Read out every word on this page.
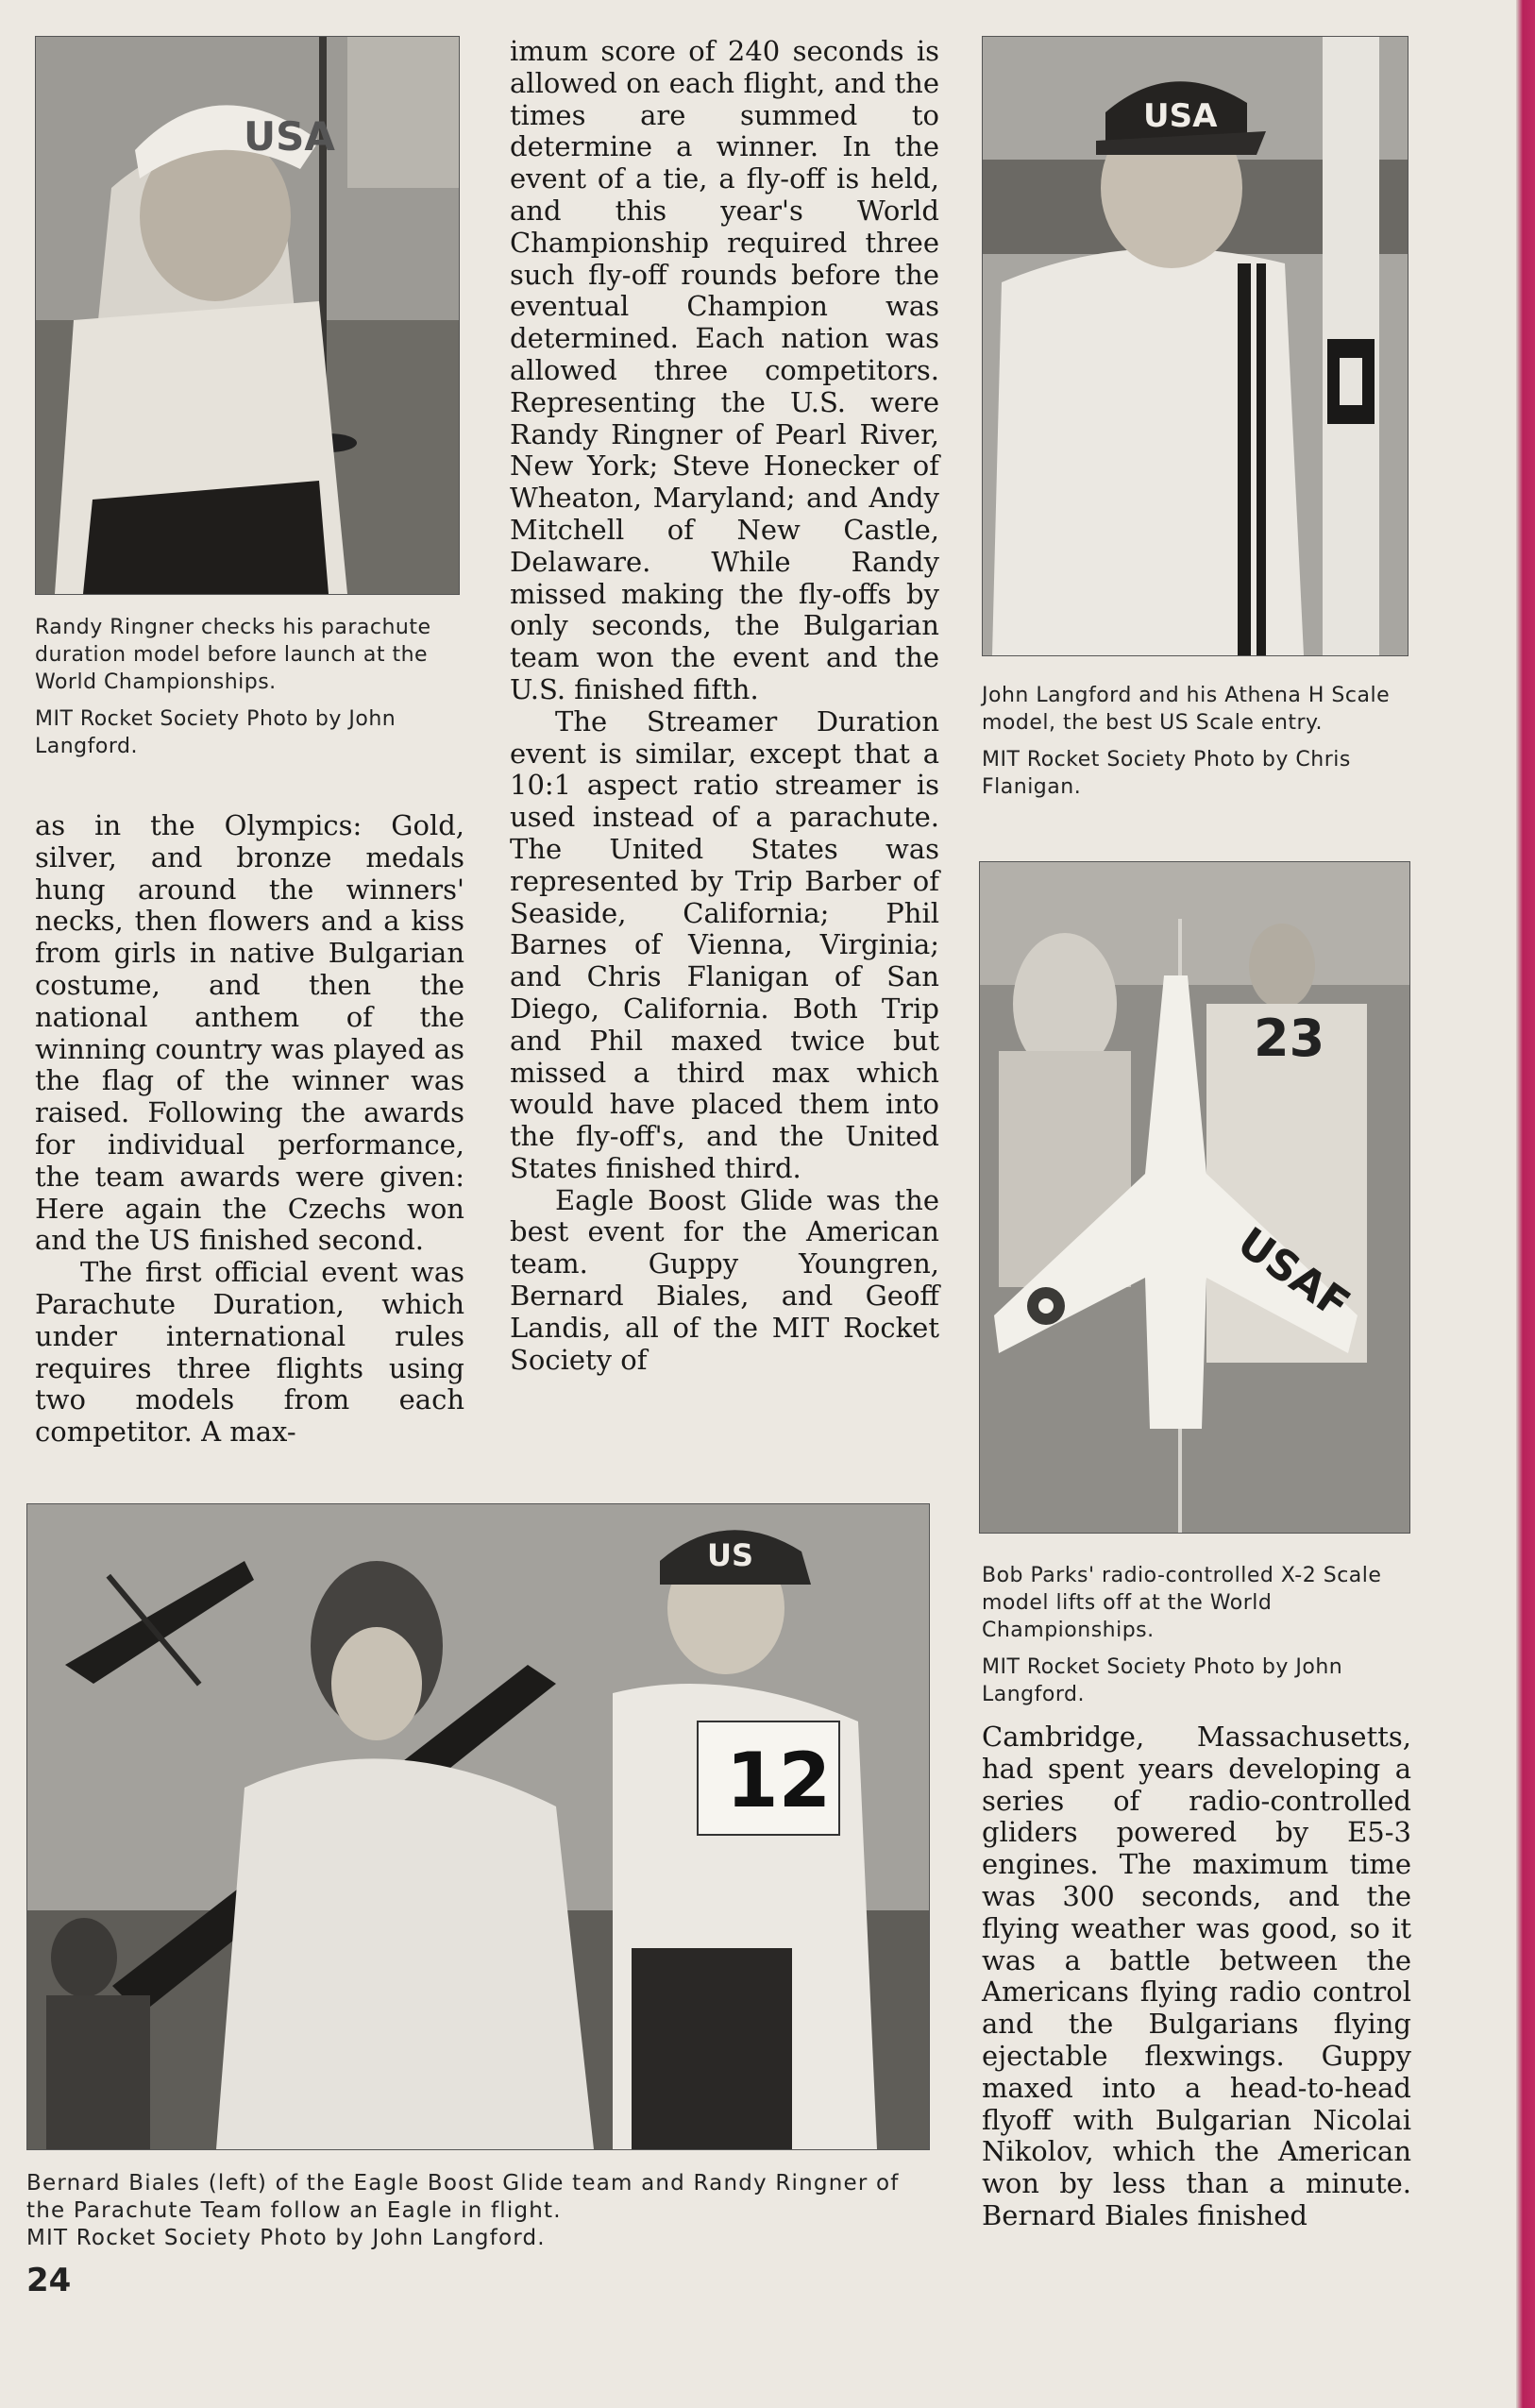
USA

Randy Ringner checks his parachute duration model before launch at the World Championships.

MIT Rocket Society Photo by John Langford.

as in the Olympics: Gold, silver, and bronze medals hung around the winners' necks, then flowers and a kiss from girls in native Bulgarian costume, and then the national anthem of the winning country was played as the flag of the winner was raised. Following the awards for individual performance, the team awards were given: Here again the Czechs won and the US finished second.

The first official event was Parachute Duration, which under international rules requires three flights using two models from each competitor. A max-

imum score of 240 seconds is allowed on each flight, and the times are summed to determine a winner. In the event of a tie, a fly-off is held, and this year's World Championship required three such fly-off rounds before the eventual Champion was determined. Each nation was allowed three competitors. Representing the U.S. were Randy Ringner of Pearl River, New York; Steve Honecker of Wheaton, Maryland; and Andy Mitchell of New Castle, Delaware. While Randy missed making the fly-offs by only seconds, the Bulgarian team won the event and the U.S. finished fifth.

The Streamer Duration event is similar, except that a 10:1 aspect ratio streamer is used instead of a parachute. The United States was represented by Trip Barber of Seaside, California; Phil Barnes of Vienna, Virginia; and Chris Flanigan of San Diego, California. Both Trip and Phil maxed twice but missed a third max which would have placed them into the fly-off's, and the United States finished third.

Eagle Boost Glide was the best event for the American team. Guppy Youngren, Bernard Biales, and Geoff Landis, all of the MIT Rocket Society of

USA

John Langford and his Athena H Scale model, the best US Scale entry.

MIT Rocket Society Photo by Chris Flanigan.

23
USAF

Bob Parks' radio-controlled X-2 Scale model lifts off at the World Championships.

MIT Rocket Society Photo by John Langford.

Cambridge, Massachusetts, had spent years developing a series of radio-controlled gliders powered by E5-3 engines. The maximum time was 300 seconds, and the flying weather was good, so it was a battle between the Americans flying radio control and the Bulgarians flying ejectable flexwings. Guppy maxed into a head-to-head flyoff with Bulgarian Nicolai Nikolov, which the American won by less than a minute. Bernard Biales finished

US
12

Bernard Biales (left) of the Eagle Boost Glide team and Randy Ringner of the Parachute Team follow an Eagle in flight.

MIT Rocket Society Photo by John Langford.

24
